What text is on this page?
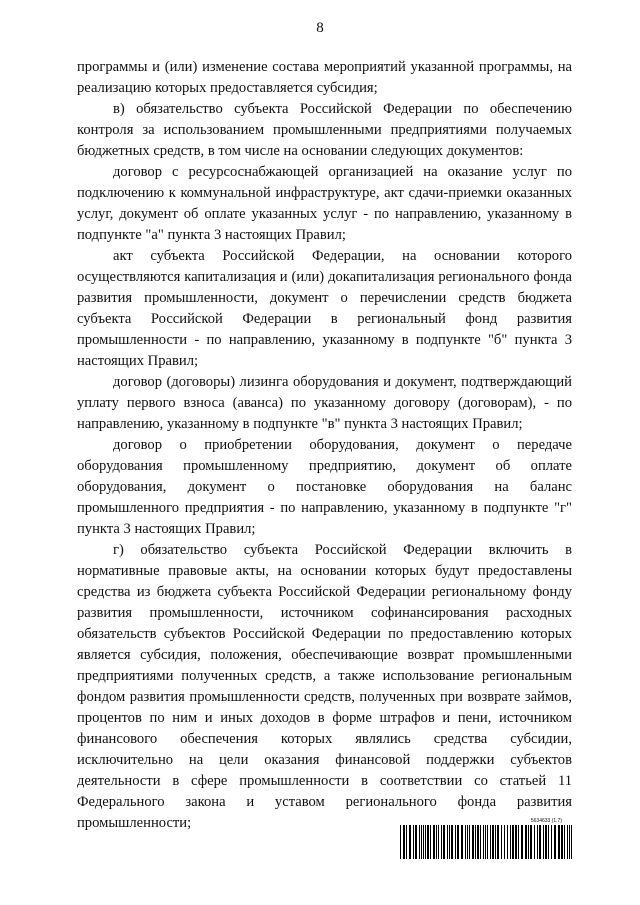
8

программы и (или) изменение состава мероприятий указанной программы, на реализацию которых предоставляется субсидия;

в) обязательство субъекта Российской Федерации по обеспечению контроля за использованием промышленными предприятиями получаемых бюджетных средств, в том числе на основании следующих документов:

договор с ресурсоснабжающей организацией на оказание услуг по подключению к коммунальной инфраструктуре, акт сдачи-приемки оказанных услуг, документ об оплате указанных услуг - по направлению, указанному в подпункте "а" пункта 3 настоящих Правил;

акт субъекта Российской Федерации, на основании которого осуществляются капитализация и (или) докапитализация регионального фонда развития промышленности, документ о перечислении средств бюджета субъекта Российской Федерации в региональный фонд развития промышленности - по направлению, указанному в подпункте "б" пункта 3 настоящих Правил;

договор (договоры) лизинга оборудования и документ, подтверждающий уплату первого взноса (аванса) по указанному договору (договорам), - по направлению, указанному в подпункте "в" пункта 3 настоящих Правил;

договор о приобретении оборудования, документ о передаче оборудования промышленному предприятию, документ об оплате оборудования, документ о постановке оборудования на баланс промышленного предприятия - по направлению, указанному в подпункте "г" пункта 3 настоящих Правил;

г) обязательство субъекта Российской Федерации включить в нормативные правовые акты, на основании которых будут предоставлены средства из бюджета субъекта Российской Федерации региональному фонду развития промышленности, источником софинансирования расходных обязательств субъектов Российской Федерации по предоставлению которых является субсидия, положения, обеспечивающие возврат промышленными предприятиями полученных средств, а также использование региональным фондом развития промышленности средств, полученных при возврате займов, процентов по ним и иных доходов в форме штрафов и пени, источником финансового обеспечения которых являлись средства субсидии, исключительно на цели оказания финансовой поддержки субъектов деятельности в сфере промышленности в соответствии со статьей 11 Федерального закона и уставом регионального фонда развития промышленности;	5634633 (1.7)
